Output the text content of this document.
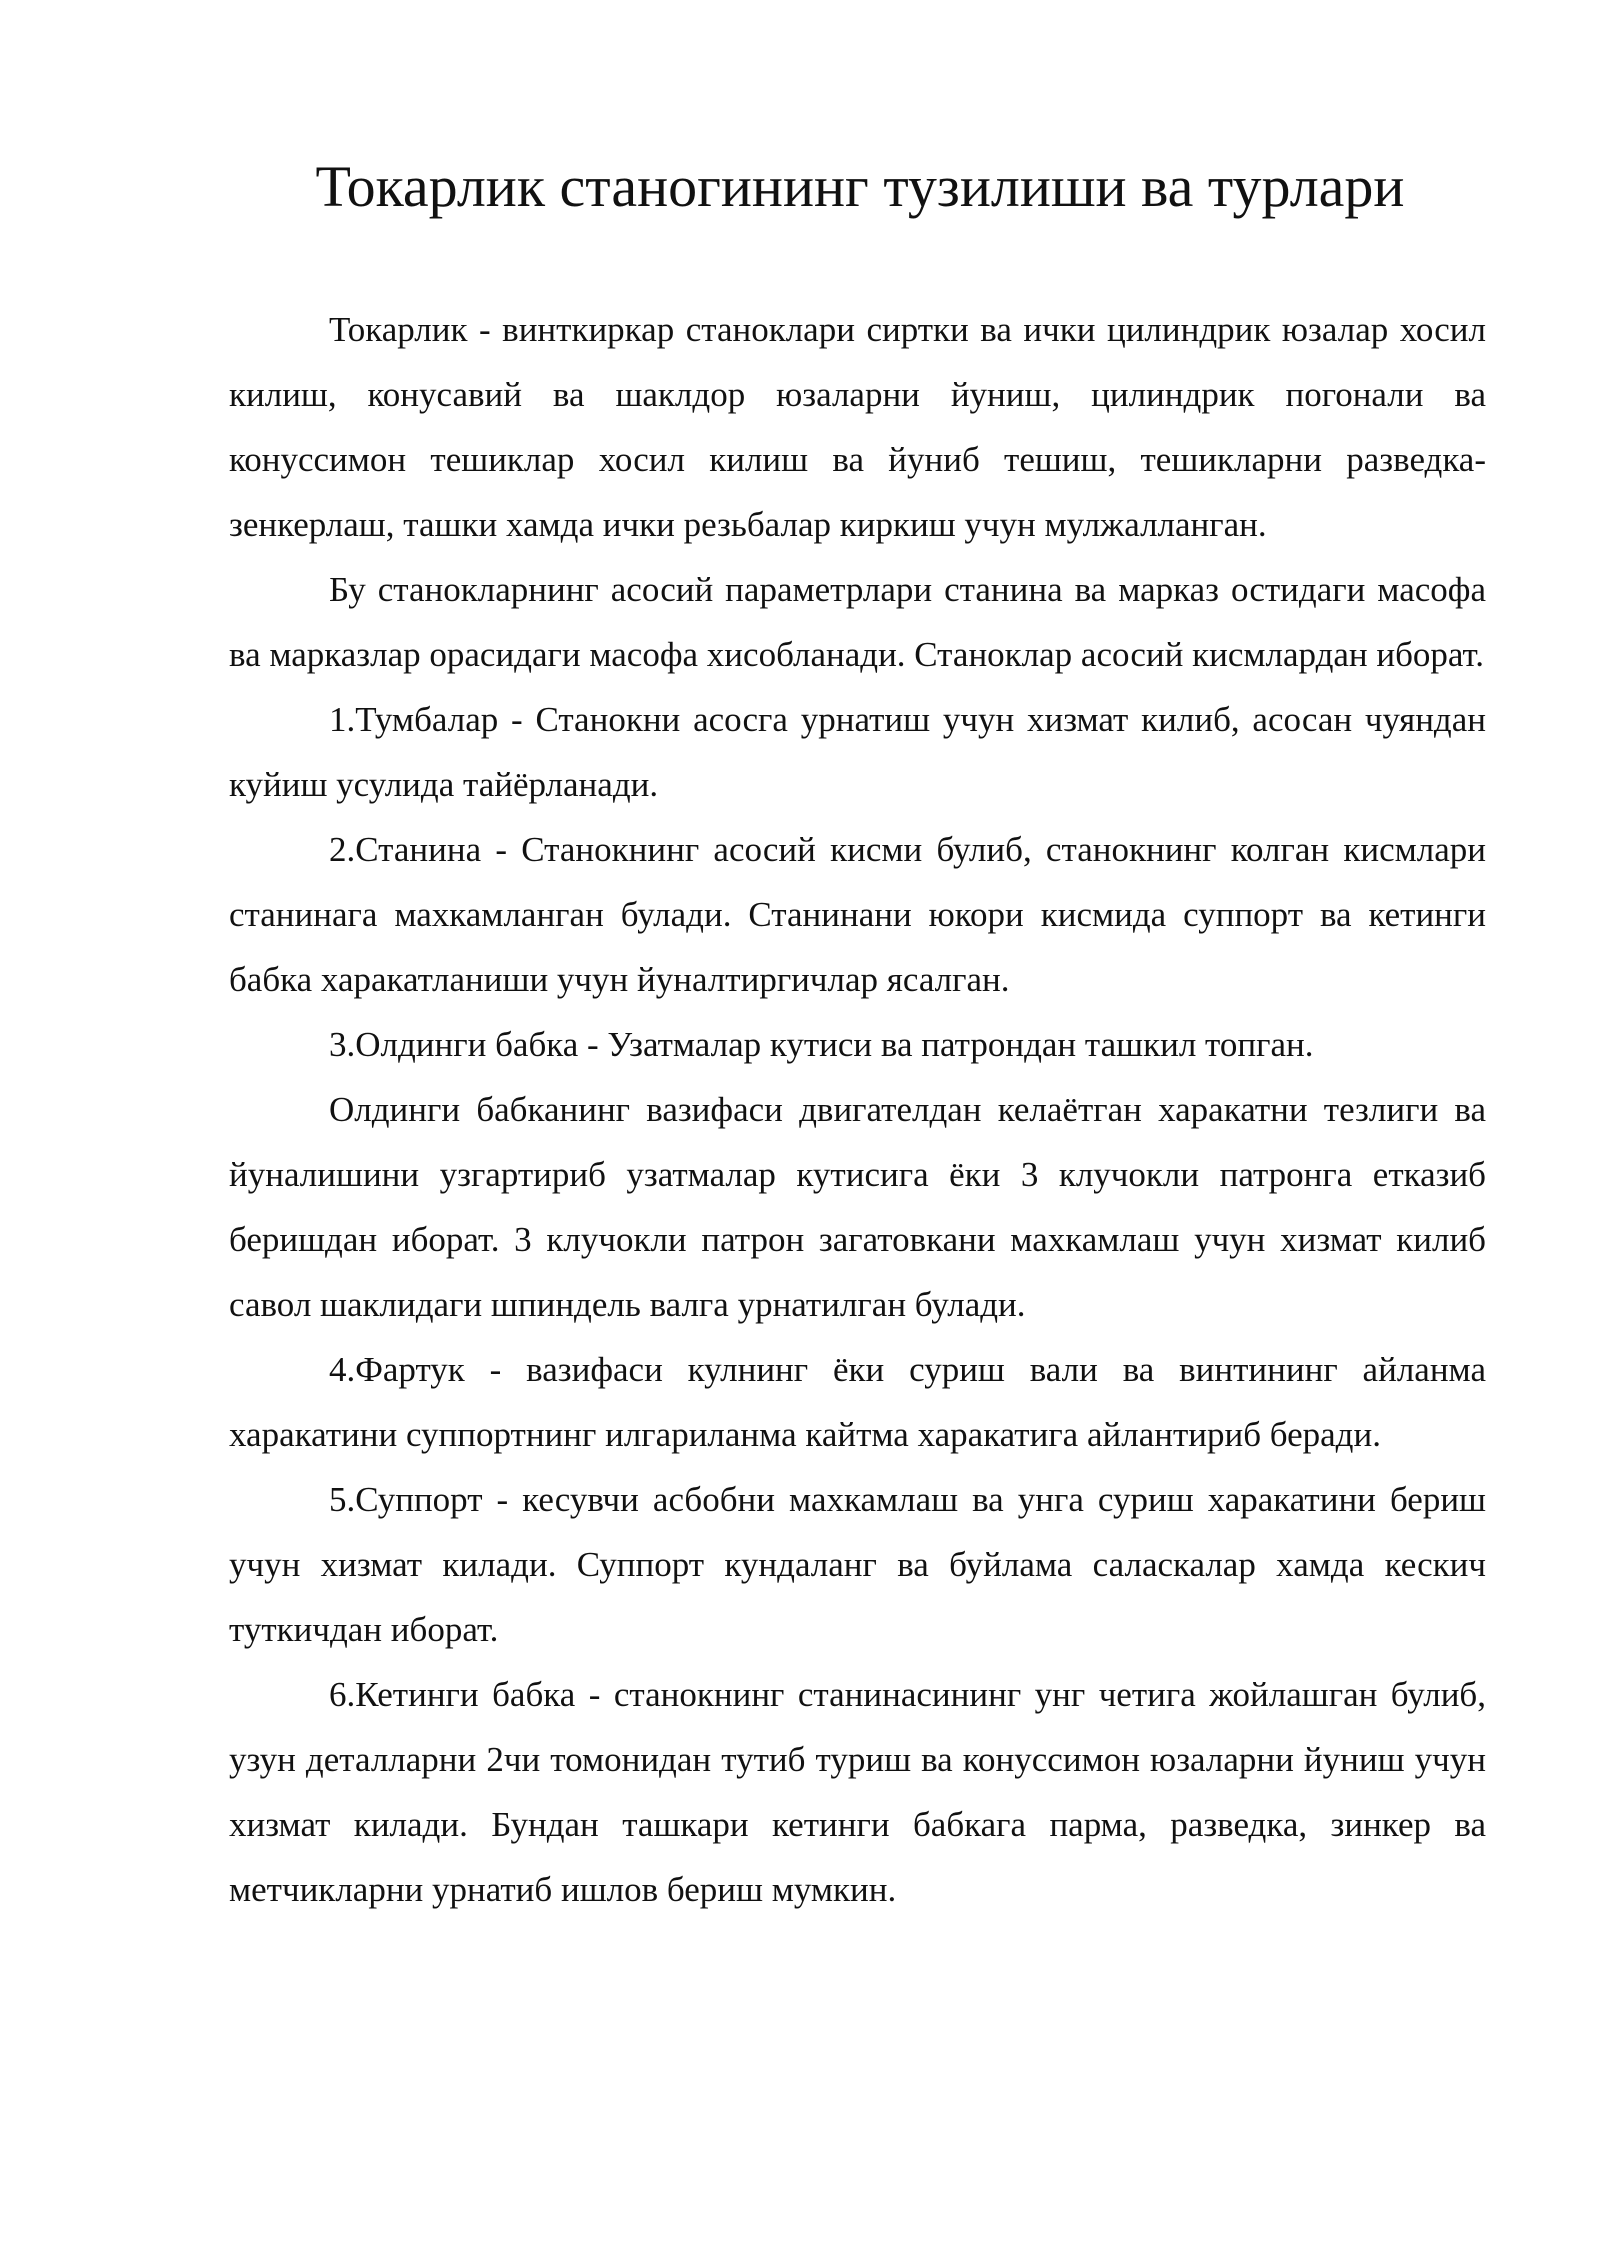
Токарлик станогининг тузилиши ва турлари

Токарлик - винткиркар станоклари сиртки ва ички цилиндрик юзалар хосил килиш, конусавий ва шаклдор юзаларни йуниш, цилиндрик погонали ва конуссимон тешиклар хосил килиш ва йуниб тешиш, тешикларни разведка-зенкерлаш, ташки хамда ички резьбалар киркиш учун мулжалланган.

Бу станокларнинг асосий параметрлари станина ва марказ остидаги масофа ва марказлар орасидаги масофа хисобланади. Станоклар асосий кисмлардан иборат.

1.Тумбалар - Станокни асосга урнатиш учун хизмат килиб, асосан чуяндан куйиш усулида тайёрланади.

2.Станина - Станокнинг асосий кисми булиб, станокнинг колган кисмлари станинага махкамланган булади. Станинани юкори кисмида суппорт ва кетинги бабка харакатланиши учун йуналтиргичлар ясалган.

3.Олдинги бабка - Узатмалар кутиси ва патрондан ташкил топган.

Олдинги бабканинг вазифаси двигателдан келаётган харакатни тезлиги ва йуналишини узгартириб узатмалар кутисига ёки 3 клучокли патронга етказиб беришдан иборат. 3 клучокли патрон загатовкани махкамлаш учун хизмат килиб савол шаклидаги шпиндель валга урнатилган булади.

4.Фартук - вазифаси кулнинг ёки суриш вали ва винтининг айланма харакатини суппортнинг илгариланма кайтма харакатига айлантириб беради.

5.Суппорт - кесувчи асбобни махкамлаш ва унга суриш харакатини бериш учун хизмат килади. Суппорт кундаланг ва буйлама саласкалар хамда кескич туткичдан иборат.

6.Кетинги бабка - станокнинг станинасининг унг четига жойлашган булиб, узун деталларни 2чи томонидан тутиб туриш ва конуссимон юзаларни йуниш учун хизмат килади. Бундан ташкари кетинги бабкага парма, разведка, зинкер ва метчикларни урнатиб ишлов бериш мумкин.
